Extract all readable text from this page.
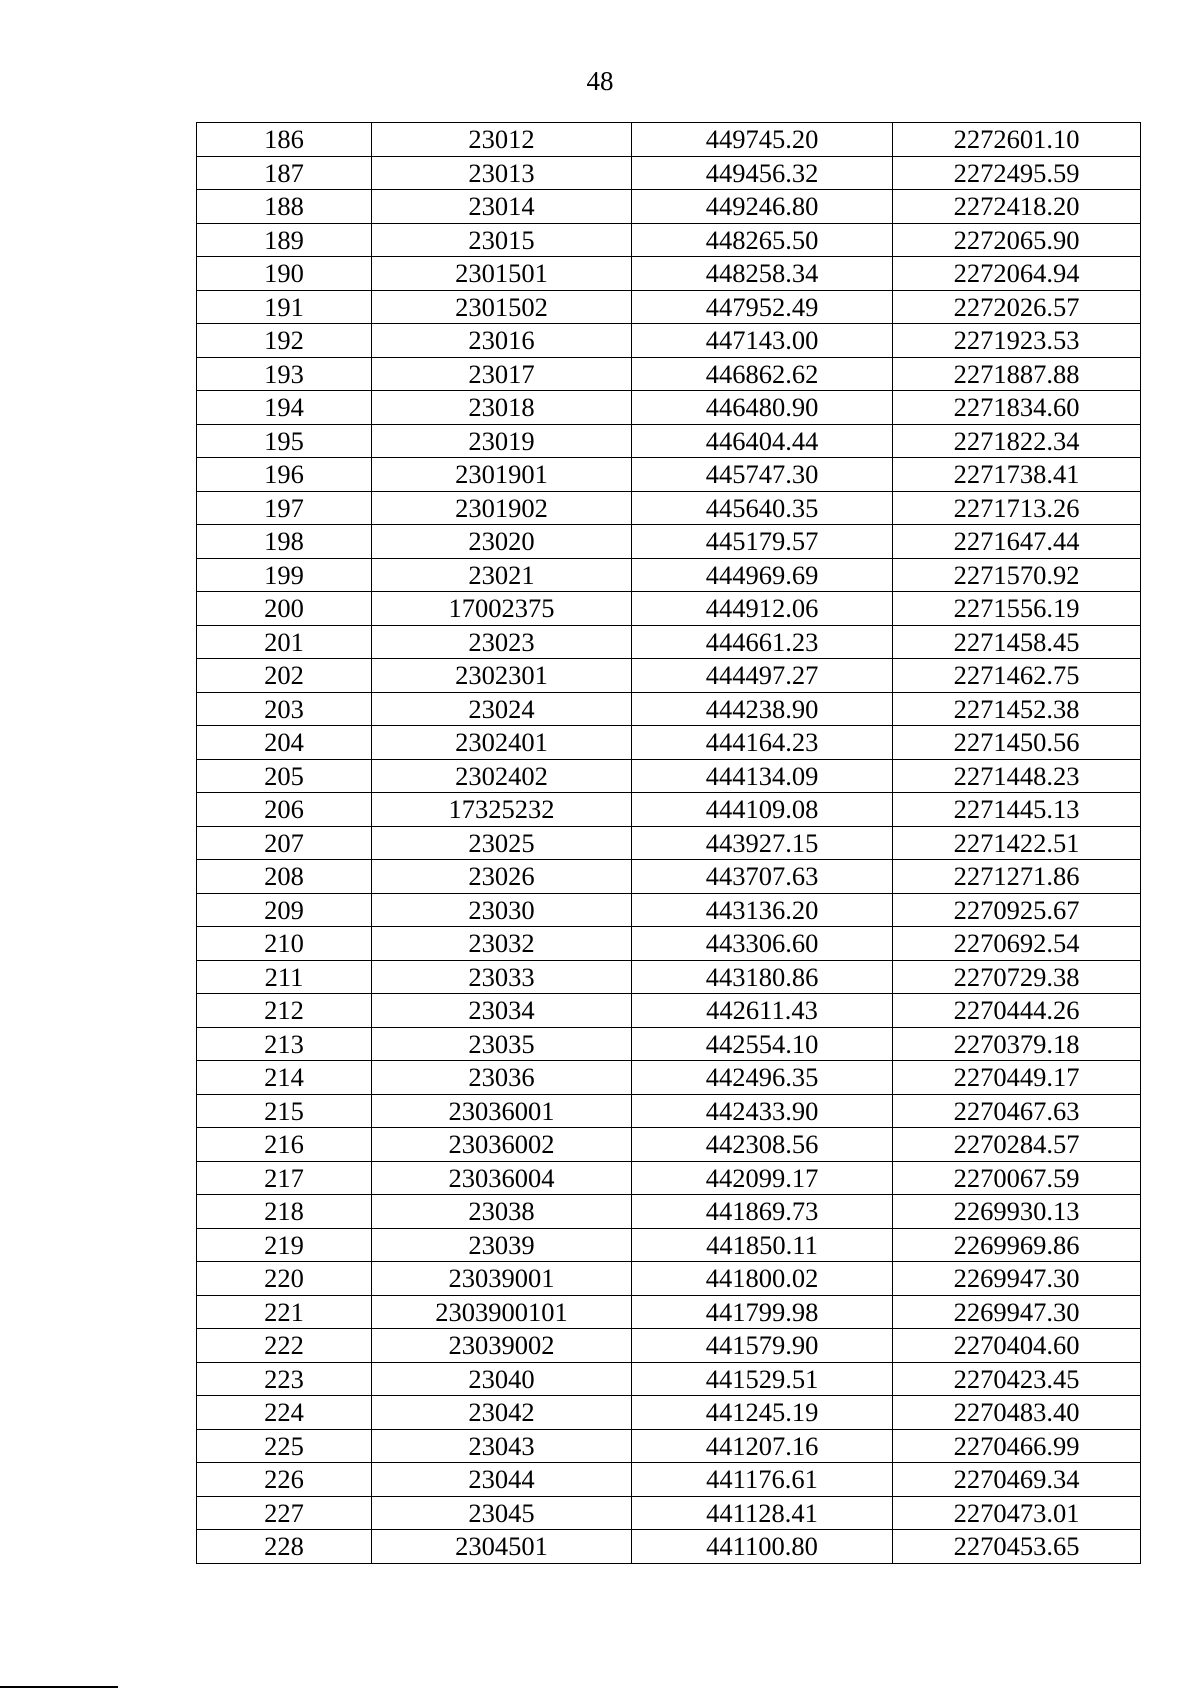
48
186	23012	449745.20	2272601.10
187	23013	449456.32	2272495.59
188	23014	449246.80	2272418.20
189	23015	448265.50	2272065.90
190	2301501	448258.34	2272064.94
191	2301502	447952.49	2272026.57
192	23016	447143.00	2271923.53
193	23017	446862.62	2271887.88
194	23018	446480.90	2271834.60
195	23019	446404.44	2271822.34
196	2301901	445747.30	2271738.41
197	2301902	445640.35	2271713.26
198	23020	445179.57	2271647.44
199	23021	444969.69	2271570.92
200	17002375	444912.06	2271556.19
201	23023	444661.23	2271458.45
202	2302301	444497.27	2271462.75
203	23024	444238.90	2271452.38
204	2302401	444164.23	2271450.56
205	2302402	444134.09	2271448.23
206	17325232	444109.08	2271445.13
207	23025	443927.15	2271422.51
208	23026	443707.63	2271271.86
209	23030	443136.20	2270925.67
210	23032	443306.60	2270692.54
211	23033	443180.86	2270729.38
212	23034	442611.43	2270444.26
213	23035	442554.10	2270379.18
214	23036	442496.35	2270449.17
215	23036001	442433.90	2270467.63
216	23036002	442308.56	2270284.57
217	23036004	442099.17	2270067.59
218	23038	441869.73	2269930.13
219	23039	441850.11	2269969.86
220	23039001	441800.02	2269947.30
221	2303900101	441799.98	2269947.30
222	23039002	441579.90	2270404.60
223	23040	441529.51	2270423.45
224	23042	441245.19	2270483.40
225	23043	441207.16	2270466.99
226	23044	441176.61	2270469.34
227	23045	441128.41	2270473.01
228	2304501	441100.80	2270453.65
